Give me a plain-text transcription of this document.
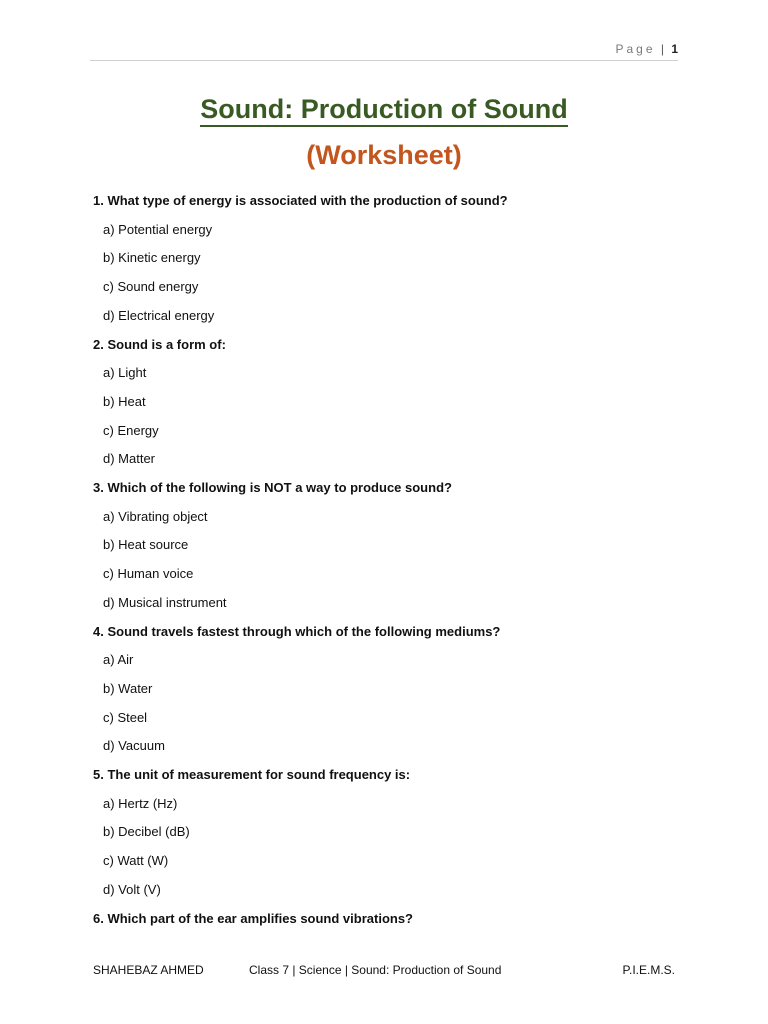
Page | 1
Sound: Production of Sound
(Worksheet)
1. What type of energy is associated with the production of sound?
a) Potential energy
b) Kinetic energy
c) Sound energy
d) Electrical energy
2. Sound is a form of:
a) Light
b) Heat
c) Energy
d) Matter
3. Which of the following is NOT a way to produce sound?
a) Vibrating object
b) Heat source
c) Human voice
d) Musical instrument
4. Sound travels fastest through which of the following mediums?
a) Air
b) Water
c) Steel
d) Vacuum
5. The unit of measurement for sound frequency is:
a) Hertz (Hz)
b) Decibel (dB)
c) Watt (W)
d) Volt (V)
6. Which part of the ear amplifies sound vibrations?
SHAHEBAZ AHMED	Class 7 | Science | Sound: Production of Sound	P.I.E.M.S.
